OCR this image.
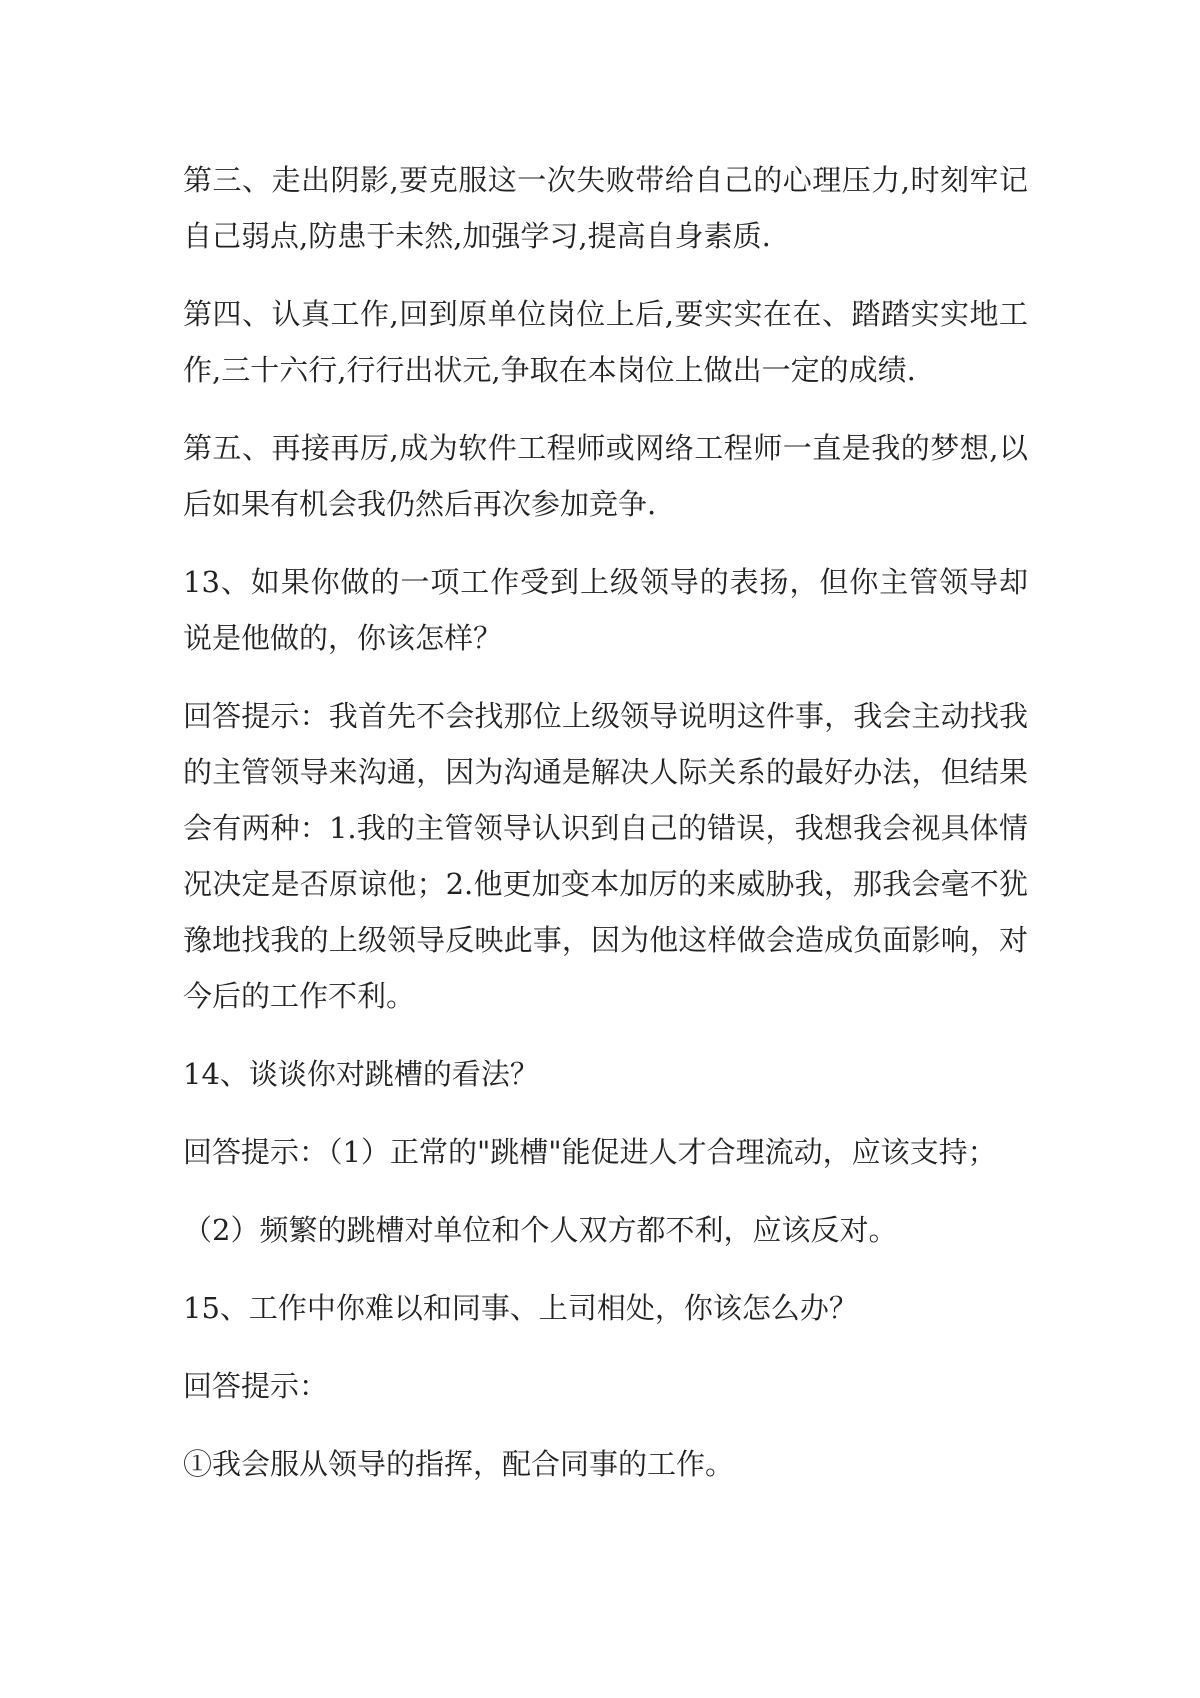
第三、走出阴影,要克服这一次失败带给自己的心理压力,时刻牢记自己弱点,防患于未然,加强学习,提高自身素质.

第四、认真工作,回到原单位岗位上后,要实实在在、踏踏实实地工作,三十六行,行行出状元,争取在本岗位上做出一定的成绩.

第五、再接再厉,成为软件工程师或网络工程师一直是我的梦想,以后如果有机会我仍然后再次参加竞争.

13、如果你做的一项工作受到上级领导的表扬，但你主管领导却说是他做的，你该怎样？

回答提示：我首先不会找那位上级领导说明这件事，我会主动找我的主管领导来沟通，因为沟通是解决人际关系的最好办法，但结果会有两种：1.我的主管领导认识到自己的错误，我想我会视具体情况决定是否原谅他；2.他更加变本加厉的来威胁我，那我会毫不犹豫地找我的上级领导反映此事，因为他这样做会造成负面影响，对今后的工作不利。

14、谈谈你对跳槽的看法？

回答提示：（1）正常的"跳槽"能促进人才合理流动，应该支持；

（2）频繁的跳槽对单位和个人双方都不利，应该反对。

15、工作中你难以和同事、上司相处，你该怎么办？

回答提示：

①我会服从领导的指挥，配合同事的工作。
